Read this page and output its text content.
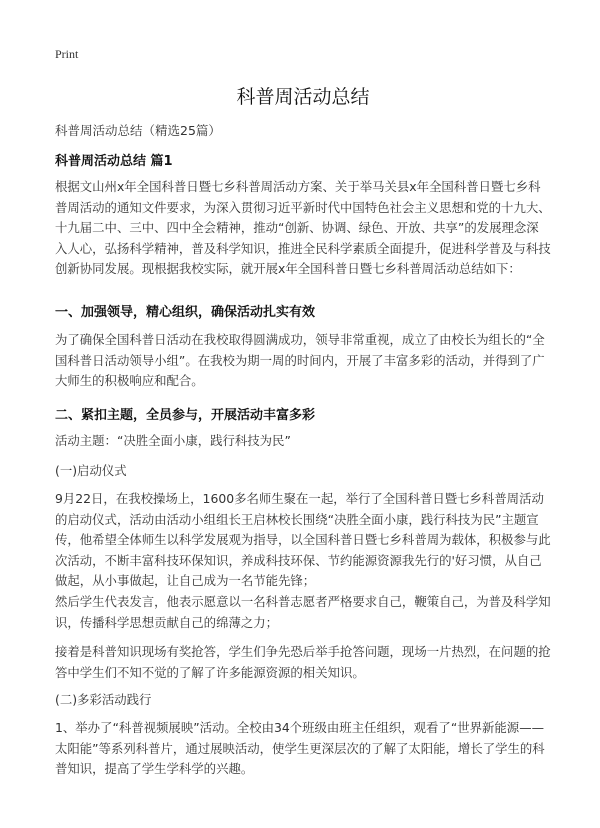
Print
科普周活动总结

科普周活动总结（精选25篇）

科普周活动总结 篇1

根据文山州x年全国科普日暨七乡科普周活动方案、关于举马关县x年全国科普日暨七乡科普周活动的通知文件要求，为深入贯彻习近平新时代中国特色社会主义思想和党的十九大、十九届二中、三中、四中全会精神，推动“创新、协调、绿色、开放、共享”的发展理念深入人心，弘扬科学精神，普及科学知识，推进全民科学素质全面提升，促进科学普及与科技创新协同发展。现根据我校实际，就开展x年全国科普日暨七乡科普周活动总结如下：

一、加强领导，精心组织，确保活动扎实有效

为了确保全国科普日活动在我校取得圆满成功，领导非常重视，成立了由校长为组长的“全国科普日活动领导小组”。在我校为期一周的时间内，开展了丰富多彩的活动，并得到了广大师生的积极响应和配合。

二、紧扣主题，全员参与，开展活动丰富多彩

活动主题：“决胜全面小康，践行科技为民”

(一)启动仪式

9月22日，在我校操场上，1600多名师生聚在一起，举行了全国科普日暨七乡科普周活动的启动仪式，活动由活动小组组长王启林校长围绕“决胜全面小康，践行科技为民”主题宣传，他希望全体师生以科学发展观为指导，以全国科普日暨七乡科普周为载体，积极参与此次活动，不断丰富科技环保知识，养成科技环保、节约能源资源我先行的'好习惯，从自己做起，从小事做起，让自己成为一名节能先锋；

然后学生代表发言，他表示愿意以一名科普志愿者严格要求自己，鞭策自己，为普及科学知识，传播科学思想贡献自己的绵薄之力；

接着是科普知识现场有奖抢答，学生们争先恐后举手抢答问题，现场一片热烈，在问题的抢答中学生们不知不觉的了解了许多能源资源的相关知识。

(二)多彩活动践行

1、举办了“科普视频展映”活动。全校由34个班级由班主任组织，观看了“世界新能源——太阳能”等系列科普片，通过展映活动，使学生更深层次的了解了太阳能，增长了学生的科普知识，提高了学生学科学的兴趣。
